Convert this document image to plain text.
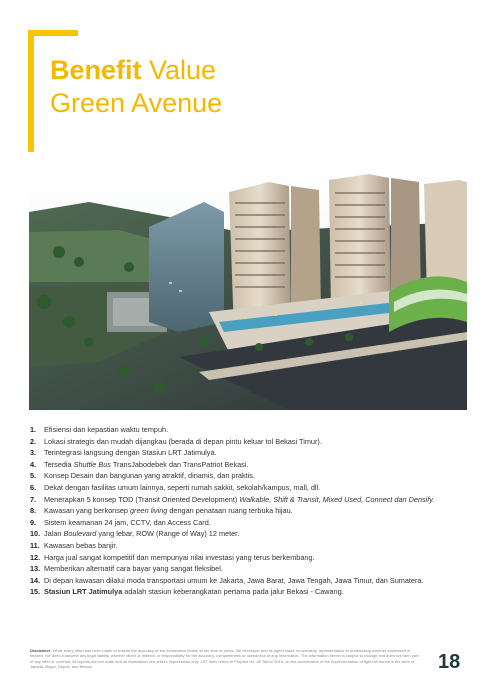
Benefit Value
Green Avenue
1.	Efisiensi dan kepastian waktu tempuh.
2.	Lokasi strategis dan mudah dijangkau (berada di depan pintu keluar tol Bekasi Timur).
3.	Terintegrasi langsung dengan Stasiun LRT Jatimulya.
4.	Tersedia Shuttle Bus TransJabodebek dan TransPatriot Bekasi.
5.	Konsep Desain dan bangunan yang atraktif, dinamis, dan praktis.
6.	Dekat dengan fasilitas umum lainnya, seperti rumah sakkit, sekolah/kampus, mall, dll.
7.	Menerapkan 5 konsep TOD (Transit Oriented Development) Walkable, Shift & Transit, Mixed Used, Connect dan Densify.
8.	Kawasan yang berkonsep green living dengan penataan ruang terbuka hijau.
9.	Sistem keamanan 24 jam, CCTV, dan Access Card.
10. Jalan Boulevard yang lebar, ROW (Range of Way) 12 meter.
11. Kawasan bebas banjir.
12. Harga jual sangat kompetitif dan mempunyai nilai investasi yang terus berkembang.
13. Memberikan alternatif cara bayar yang sangat fleksibel.
14. Di depan kawasan dilalui moda transportasi umum ke Jakarta, Jawa Barat, Jawa Tengah, Jawa Timur, dan Sumatera.
15. Stasiun LRT Jatimulya adalah stasiun keberangkatan pertama pada jalur Bekasi - Cawang.
Disclaimer: While every effort has been made to ensure the accuracy of the information herein at the time of press, the developer and its agent make no warranty, representation or undertaking whether expressed or implied, nor does it assume any legal liability, whether direct or indirect, or responsibility for the accuracy, completeness or usefulness of any information. The information herein is subject to change and does not form part of any offer or contract. All layouts are not scale and all illustrations are artist's impressions only. LRT lines refers to Perpres No. 65 Tahun 2016, on the acceleration of the implementation of light rail transit in the area of Jakarta, Bogor, Depok, and Bekasi.	18
